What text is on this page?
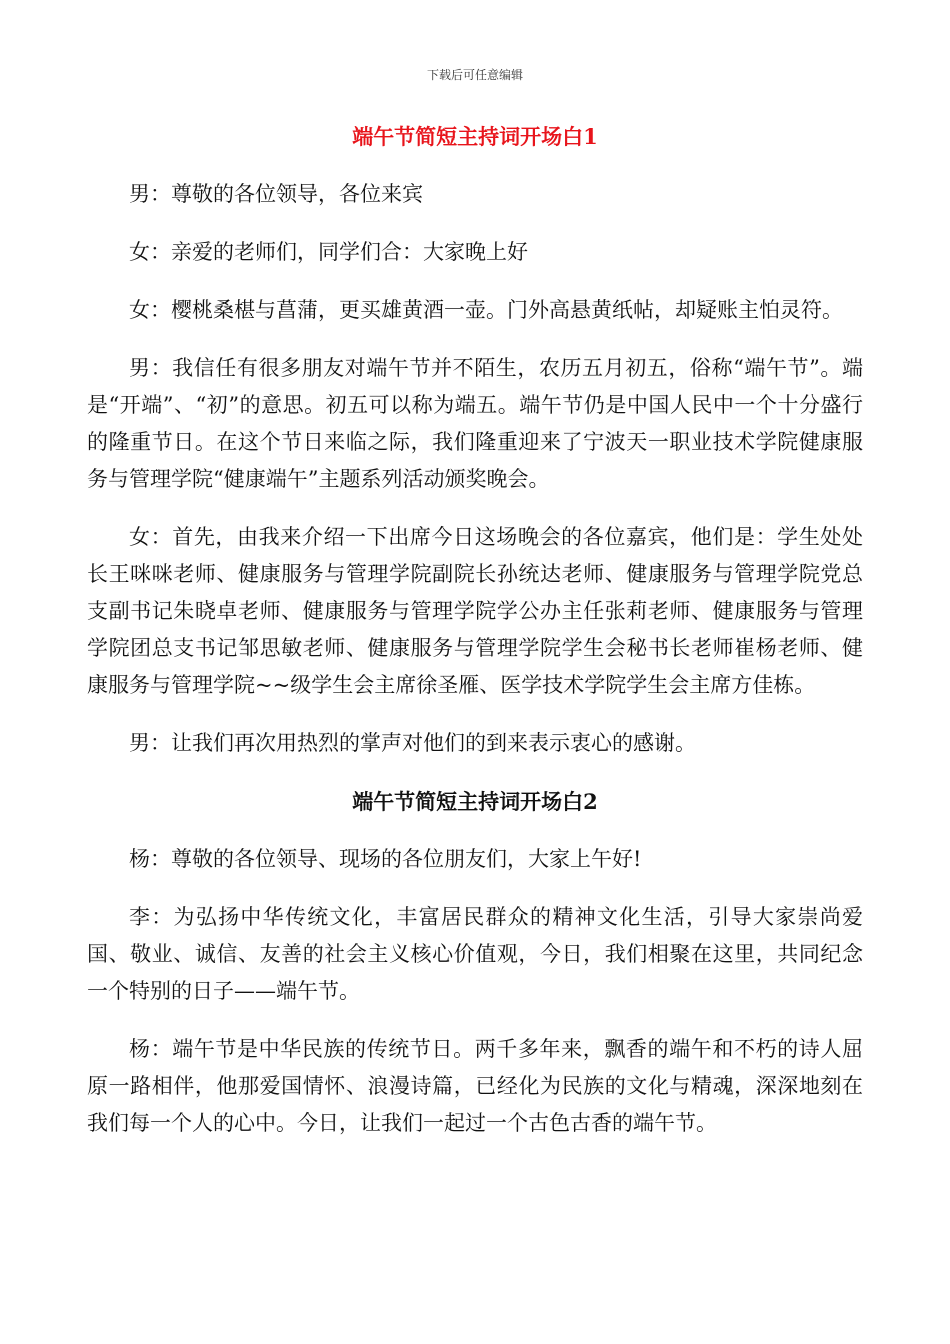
下载后可任意编辑
端午节简短主持词开场白1

男：尊敬的各位领导，各位来宾

女：亲爱的老师们，同学们合：大家晚上好

女：樱桃桑椹与菖蒲，更买雄黄酒一壶。门外高悬黄纸帖，却疑账主怕灵符。

男：我信任有很多朋友对端午节并不陌生，农历五月初五，俗称“端午节”。端是“开端”、“初”的意思。初五可以称为端五。端午节仍是中国人民中一个十分盛行的隆重节日。在这个节日来临之际，我们隆重迎来了宁波天一职业技术学院健康服务与管理学院“健康端午”主题系列活动颁奖晚会。

女：首先，由我来介绍一下出席今日这场晚会的各位嘉宾，他们是：学生处处长王咪咪老师、健康服务与管理学院副院长孙统达老师、健康服务与管理学院党总支副书记朱晓卓老师、健康服务与管理学院学公办主任张莉老师、健康服务与管理学院团总支书记邹思敏老师、健康服务与管理学院学生会秘书长老师崔杨老师、健康服务与管理学院~~级学生会主席徐圣雁、医学技术学院学生会主席方佳栋。

男：让我们再次用热烈的掌声对他们的到来表示衷心的感谢。

端午节简短主持词开场白2

杨：尊敬的各位领导、现场的各位朋友们，大家上午好!

李：为弘扬中华传统文化，丰富居民群众的精神文化生活，引导大家崇尚爱国、敬业、诚信、友善的社会主义核心价值观，今日，我们相聚在这里，共同纪念一个特别的日子——端午节。

杨：端午节是中华民族的传统节日。两千多年来，飘香的端午和不朽的诗人屈原一路相伴，他那爱国情怀、浪漫诗篇，已经化为民族的文化与精魂，深深地刻在我们每一个人的心中。今日，让我们一起过一个古色古香的端午节。
